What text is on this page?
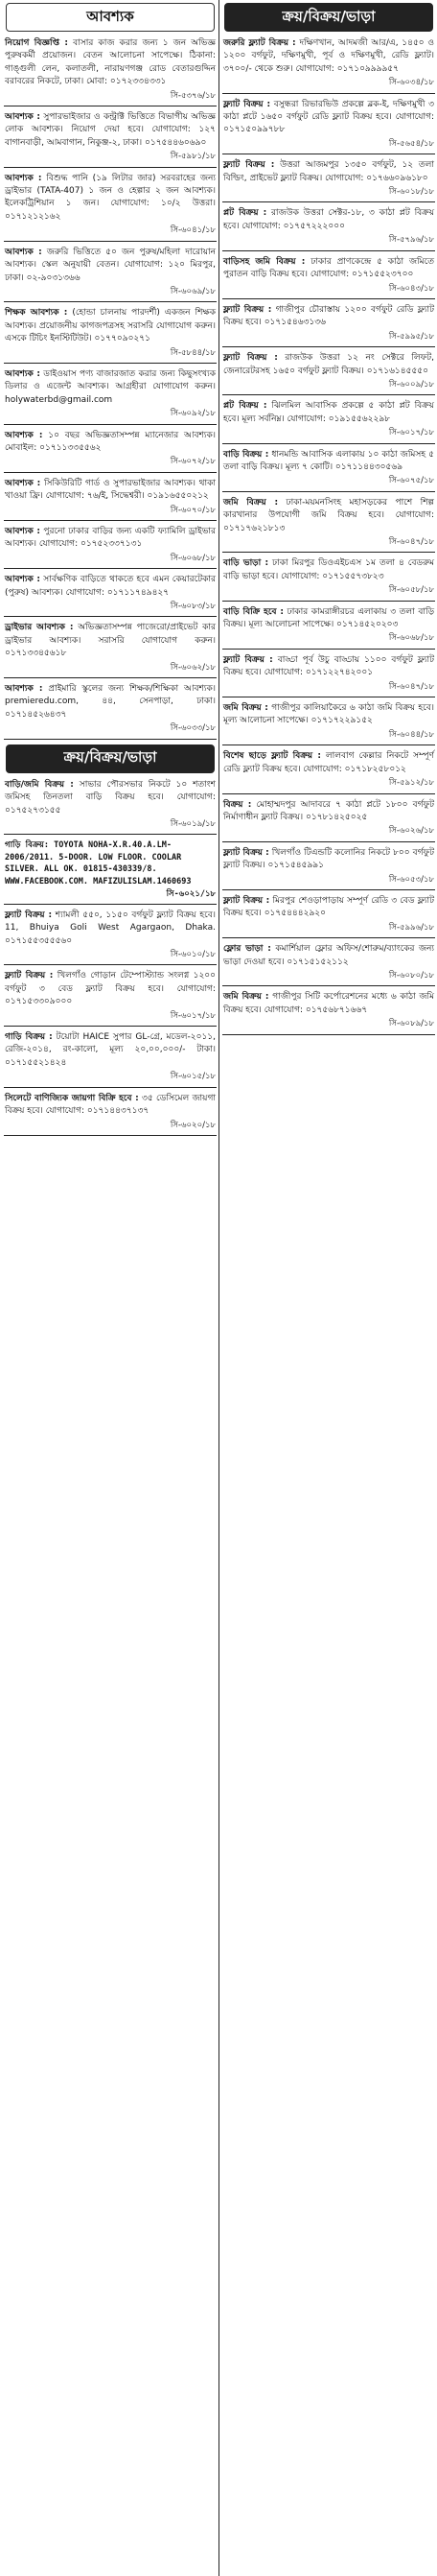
আবশ্যক
নিয়োগ বিজ্ঞপ্তি : বাসার কাজ করার জন্য ১ জন অভিজ্ঞ পুরুষকর্মী প্রয়োজন। বেতন আলোচনা সাপেক্ষে। ঠিকানা: গাঙ্গুলী লেন, কলাতলী, নারায়ণগঞ্জ রোড বেতারগুদ্দিন বরাবরের নিকটে, ঢাকা। মোবা: ০১৭২৩৩৪৩৩১
সি-৫৩৭৬/১৮
আবশ্যক : সুপারভাইজার ও কন্ট্রাক্ট ভিত্তিতে বিভাগীয় অভিজ্ঞ লোক আবশ্যক। নিয়োগ দেয়া হবে। যোগাযোগ: ১২৭ বাগানবাড়ী, আমবাগান, নিকুঞ্জ-২, ঢাকা। ০১৭৫৪৪৬০৬৯০
সি-৫৯৮১/১৮
আবশ্যক : বিশুদ্ধ পানি (১৯ লিটার জার) সরবরাহের জন্য ড্রাইভার (TATA-407) ১ জন ও হেল্পার ২ জন আবশ্যক। ইলেকট্রিশিয়ান ১ জন। যোগাযোগ: ১০/২ উত্তরা। ০১৭১২১২১৬২
সি-৬০৪১/১৮
আবশ্যক : জরুরি ভিত্তিতে ৫০ জন পুরুষ/মহিলা দারোয়ান আবশ্যক। স্কেল অনুযায়ী বেতন। যোগাযোগ: ১২০ মিরপুর, ঢাকা। ০২-৯০৩১৩৬৬
সি-৬০৬৯/১৮
শিক্ষক আবশ্যক : (হোন্ডা চালনায় পারদর্শী) একজন শিক্ষক আবশ্যক। প্রয়োজনীয় কাগজপত্রসহ সরাসরি যোগাযোগ করুন। এসকে টিচিং ইনস্টিটিউট। ০১৭৭০৯০২৭১
সি-৫৮৪৪/১৮
আবশ্যক : ডাইওয়াস পণ্য বাজারজাত করার জন্য কিছুসংখ্যক ডিলার ও এজেন্ট আবশ্যক। আগ্রহীরা যোগাযোগ করুন। holywaterbd@gmail.com
সি-৬০৯২/১৮
আবশ্যক : ১০ বছর অভিজ্ঞতাসম্পন্ন ম্যানেজার আবশ্যক। মোবাইল: ০১৭১১৩৩৫৫৬২
সি-৬০৭২/১৮
আবশ্যক : সিকিউরিটি গার্ড ও সুপারভাইজার আবশ্যক। থাকা খাওয়া ফ্রি। যোগাযোগ: ৭৬/ই, সিদ্ধেশ্বরী। ০১৯১৬৫৫০২১২
সি-৬০৭০/১৮
আবশ্যক : পুরনো ঢাকার বাড়ির জন্য একটি ফ্যামিলি ড্রাইভার আবশ্যক। যোগাযোগ: ০১৭৫২৩৩৭১৩১
সি-৬০৬৮/১৮
আবশ্যক : সার্বক্ষণিক বাড়িতে থাকতে হবে এমন কেয়ারটেকার (পুরুষ) আবশ্যক। যোগাযোগ: ০১৭১১৭৪৯৪২৭
সি-৬০৮৩/১৮
ড্রাইভার আবশ্যক : অভিজ্ঞতাসম্পন্ন পাজেরো/প্রাইভেট কার ড্রাইভার আবশ্যক। সরাসরি যোগাযোগ করুন। ০১৭১৩৩৪৫৬১৮
সি-৬০৬২/১৮
আবশ্যক : প্রাইমারি স্কুলের জন্য শিক্ষক/শিক্ষিকা আবশ্যক। premieredu.com, ৪৪, সেনপাড়া, ঢাকা। ০১৭১৪৫২৬৪৩৭
সি-৬০৩৩/১৮
ক্রয়/বিক্রয়/ভাড়া
বাড়ি/জমি বিক্রয় : সাভার পৌরসভার নিকটে ১০ শতাংশ জমিসহ তিনতলা বাড়ি বিক্রয় হবে। যোগাযোগ: ০১৭৫২৭৩১৫৫
সি-৬০১৯/১৮
গাড়ি বিক্রয়: TOYOTA NOHA-X.R.40.A.LM-2006/2011. 5-DOOR. LOW FLOOR. COOLAR SILVER. ALL OK. 01815-430339/8. WWW.FACEBOOK.COM. MAFIZULISLAM.1460693
সি-৬০২১/১৮
ফ্ল্যাট বিক্রয় : শ্যামলী ৫৫০, ১১৫০ বর্গফুট ফ্ল্যাট বিক্রয় হবে। 11, Bhuiya Goli West Agargaon, Dhaka. ০১৭১৫৫৩৫৫৫৬০
সি-৬০১০/১৮
ফ্ল্যাট বিক্রয় : খিলগাঁও গোড়ান টেম্পোস্ট্যান্ড সংলগ্ন ১২০০ বর্গফুট ৩ বেড ফ্ল্যাট বিক্রয় হবে। যোগাযোগ: ০১৭১৫৩৩০৯০০০
সি-৬০১৭/১৮
গাড়ি বিক্রয় : টয়োটা HAICE সুপার GL-গ্রে, মডেল-২০১১, রেজি-২০১৪, রং-কালো, মূল্য ২০,০০,০০০/- টাকা। ০১৭১৫৫২১৪২৪
সি-৬০১৫/১৮
সিলেটে বাণিজ্যিক জায়গা বিক্রি হবে : ৩৫ ডেসিমেল জায়গা বিক্রয় হবে। যোগাযোগ: ০১৭১৪৪৩৭১৩৭
সি-৬০২০/১৮
ক্রয়/বিক্রয়/ভাড়া
জরুরি ফ্ল্যাট বিক্রয় : দক্ষিণখান, আদমজী আর/এ, ১৪৫০ ও ১২০০ বর্গফুট, দক্ষিণমুখী, পূর্ব ও দক্ষিণমুখী, রেডি ফ্ল্যাট। ৩৭০০/- থেকে শুরু। যোগাযোগ: ০১৭১০৯৯৯৯৫৭
সি-৬০৩৪/১৮
ফ্ল্যাট বিক্রয় : বসুন্ধরা রিভারভিউ প্রকল্পে ব্লক-ই, দক্ষিণমুখী ৩ কাঠা প্লটে ১৬৫০ বর্গফুট রেডি ফ্ল্যাট বিক্রয় হবে। যোগাযোগ: ০১৭১৫০৯৯৭৮৮
সি-৫৬৫৪/১৮
ফ্ল্যাট বিক্রয় : উত্তরা আজমপুর ১৩৫০ বর্গফুট, ১২ তলা বিল্ডিং, প্রাইভেট ফ্ল্যাট বিক্রয়। যোগাযোগ: ০১৭৬৬০৯৬১৮০
সি-৬০১৮/১৮
প্লট বিক্রয় : রাজউক উত্তরা সেক্টর-১৮, ৩ কাঠা প্লট বিক্রয় হবে। যোগাযোগ: ০১৭৫৭২২২০০০
সি-৫৭৯৬/১৮
বাড়িসহ জমি বিক্রয় : ঢাকার প্রাণকেন্দ্রে ৫ কাঠা জমিতে পুরাতন বাড়ি বিক্রয় হবে। যোগাযোগ: ০১৭১৫৫২৩৭০০
সি-৬০৪৩/১৮
ফ্ল্যাট বিক্রয় : গাজীপুর চৌরাস্তায় ১২০০ বর্গফুট রেডি ফ্ল্যাট বিক্রয় হবে। ০১৭১৫৪৬৩১৩৬
সি-৫৯৯৫/১৮
ফ্ল্যাট বিক্রয় : রাজউক উত্তরা ১২ নং সেক্টরে লিফট, জেনারেটরসহ ১৬৫০ বর্গফুট ফ্ল্যাট বিক্রয়। ০১৭১৬১৪৫৫৫০
সি-৬০০৯/১৮
প্লট বিক্রয় : ঝিলমিল আবাসিক প্রকল্পে ৫ কাঠা প্লট বিক্রয় হবে। মূল্য সর্বনিম্ন। যোগাযোগ: ০১৯১৫৫৬২২৯৮
সি-৬০১৭/১৮
বাড়ি বিক্রয় : ধানমন্ডি আবাসিক এলাকায় ১০ কাঠা জমিসহ ৫ তলা বাড়ি বিক্রয়। মূল্য ৭ কোটি। ০১৭১১৪৪৩০৫৬৯
সি-৬০৭৫/১৮
জমি বিক্রয় : ঢাকা-ময়মনসিংহ মহাসড়কের পাশে শিল্প কারখানার উপযোগী জমি বিক্রয় হবে। যোগাযোগ: ০১৭১৭৬২১৮১৩
সি-৬০৪৭/১৮
বাড়ি ভাড়া : ঢাকা মিরপুর ডিওএইচএস ১ম তলা ৪ বেডরুম বাড়ি ভাড়া হবে। যোগাযোগ: ০১৭১৫৫৭৩৮২৩
সি-৬০৫৮/১৮
বাড়ি বিক্রি হবে : ঢাকার কামরাঙ্গীরচর এলাকায় ৩ তলা বাড়ি বিক্রয়। মূল্য আলোচনা সাপেক্ষে। ০১৭১৪৫২০২০৩
সি-৬০৬৮/১৮
ফ্ল্যাট বিক্রয় : বাড্ডা পূর্ব উচু বাড্ডায় ১১০০ বর্গফুট ফ্ল্যাট বিক্রয় হবে। যোগাযোগ: ০১৭১২২৭৪২০০১
সি-৬০৪৭/১৮
জমি বিক্রয় : গাজীপুর কালিয়াকৈরে ৬ কাঠা জমি বিক্রয় হবে। মূল্য আলোচনা সাপেক্ষে। ০১৭১৭২২৯১৫২
সি-৬০৪৪/১৮
বিশেষ ছাড়ে ফ্ল্যাট বিক্রয় : লালবাগ কেল্লার নিকটে সম্পূর্ণ রেডি ফ্ল্যাট বিক্রয় হবে। যোগাযোগ: ০১৭১৮২৫৮০১২
সি-৫৯১২/১৮
বিক্রয় : মোহাম্মদপুর আদাবরে ৭ কাঠা প্লটে ১৮০০ বর্গফুট নির্মাণাধীন ফ্ল্যাট বিক্রয়। ০১৭৮১৪২৫০২৫
সি-৬০২৬/১৮
ফ্ল্যাট বিক্রয় : খিলগাঁও টিএন্ডটি কলোনির নিকটে ৮০০ বর্গফুট ফ্ল্যাট বিক্রয়। ০১৭১৫৪৫৯৯১
সি-৬০৫৩/১৮
ফ্ল্যাট বিক্রয় : মিরপুর শেওড়াপাড়ায় সম্পূর্ণ রেডি ৩ বেড ফ্ল্যাট বিক্রয় হবে। ০১৭৫৪৪৪২৯২০
সি-৫৯৯৬/১৮
ফ্লোর ভাড়া : কমার্শিয়াল ফ্লোর অফিস/শোরুম/ব্যাংকের জন্য ভাড়া দেওয়া হবে। ০১৭১৫১৫২১১২
সি-৬০৮০/১৮
জমি বিক্রয় : গাজীপুর সিটি কর্পোরেশনের মধ্যে ৬ কাঠা জমি বিক্রয় হবে। যোগাযোগ: ০১৭৫৬৮৭১৬৬৭
সি-৬০৮৯/১৮
